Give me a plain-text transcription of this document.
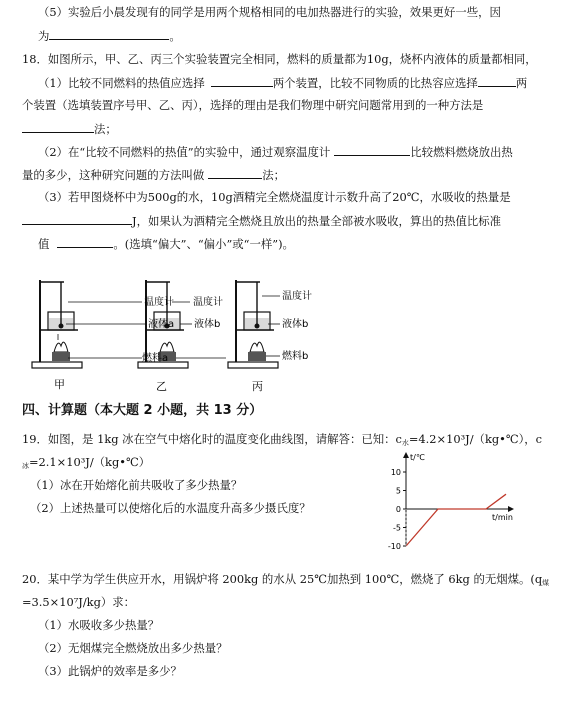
（5）实验后小晨发现有的同学是用两个规格相同的电加热器进行的实验，效果更好一些，因
为	。
18．如图所示，甲、乙、丙三个实验装置完全相同，燃料的质量都为10g，烧杯内液体的质量都相同，
（1）比较不同燃料的热值应选择	两个装置，比较不同物质的比热容应选择	两
个装置（选填装置序号甲、乙、丙），选择的理由是我们物理中研究问题常用到的一种方法是
法；
（2）在“比较不同燃料的热值”的实验中，通过观察温度计	比较燃料燃烧放出热
量的多少，这种研究问题的方法叫做	法；
（3）若甲图烧杯中为500g的水，10g酒精完全燃烧温度计示数升高了20℃，水吸收的热量是
J，如果认为酒精完全燃烧且放出的热量全部被水吸收，算出的热值比标准
值	。(选填“偏大”、“偏小”或“一样”)。
温度计
液体a
燃料a
温度计
液体b
温度计
液体b
燃料b
甲	乙	丙
四、计算题（本大题 2 小题，共 13 分）
19．如图，是 1kg 冰在空气中熔化时的温度变化曲线图，请解答：已知：$c_水=4.2\times 10^3J/(kg•℃)$，c
$_冰$=2.1×10³J/（kg•℃）
（1）冰在开始熔化前共吸收了多少热量？
（2）上述热量可以使熔化后的水温度升高多少摄氏度？
t/℃
t/min
10
5
0
-5
-10
20．某中学为学生供应开水，用锅炉将 200kg 的水从 25℃加热到 100℃，燃烧了 6kg 的无烟煤。($q_煤$
=3.5×10⁷J/kg）求：
（1）水吸收多少热量？
（2）无烟煤完全燃烧放出多少热量？
（3）此锅炉的效率是多少？
